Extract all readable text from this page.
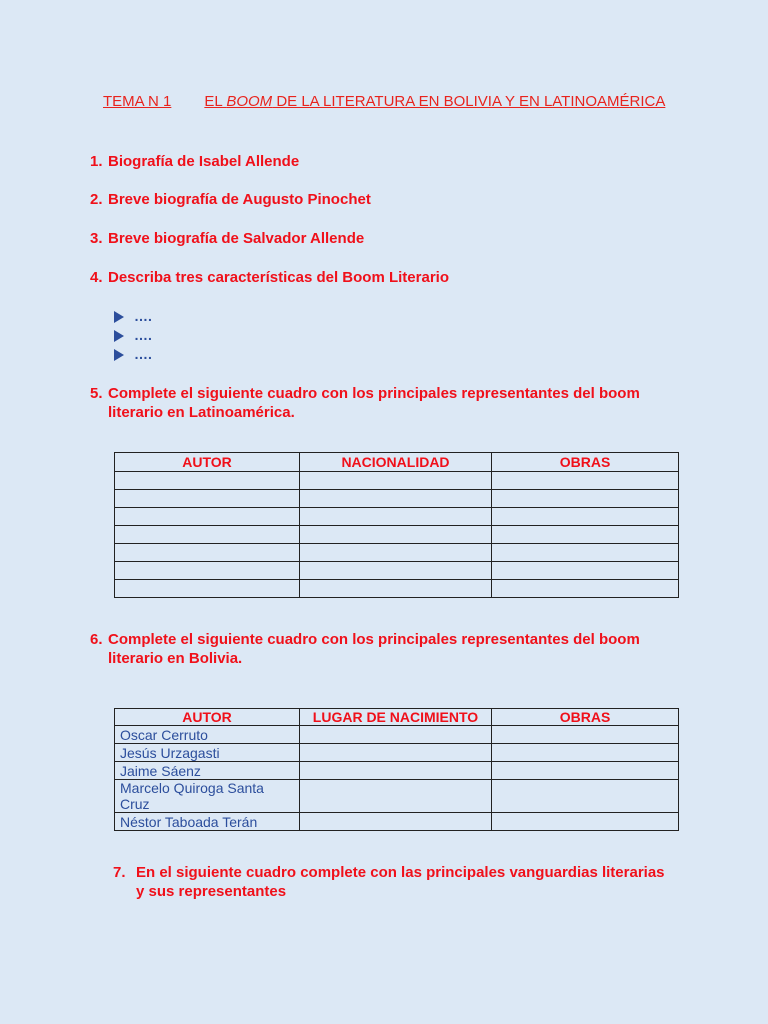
TEMA N 1 EL BOOM DE LA LITERATURA EN BOLIVIA Y EN LATINOAMÉRICA
1. Biografía de Isabel Allende
2. Breve biografía de Augusto Pinochet
3. Breve biografía de Salvador Allende
4. Describa tres características del Boom Literario
….
….
….
5. Complete el siguiente cuadro con los principales representantes del boom
literario en Latinoamérica.
AUTOR	NACIONALIDAD	OBRAS

6. Complete el siguiente cuadro con los principales representantes del boom
literario en Bolivia.
AUTOR	LUGAR DE NACIMIENTO	OBRAS
Oscar Cerruto		
Jesús Urzagasti		
Jaime Sáenz		
Marcelo Quiroga Santa Cruz		
Néstor Taboada Terán		
7. En el siguiente cuadro complete con las principales vanguardias literarias
y sus representantes
